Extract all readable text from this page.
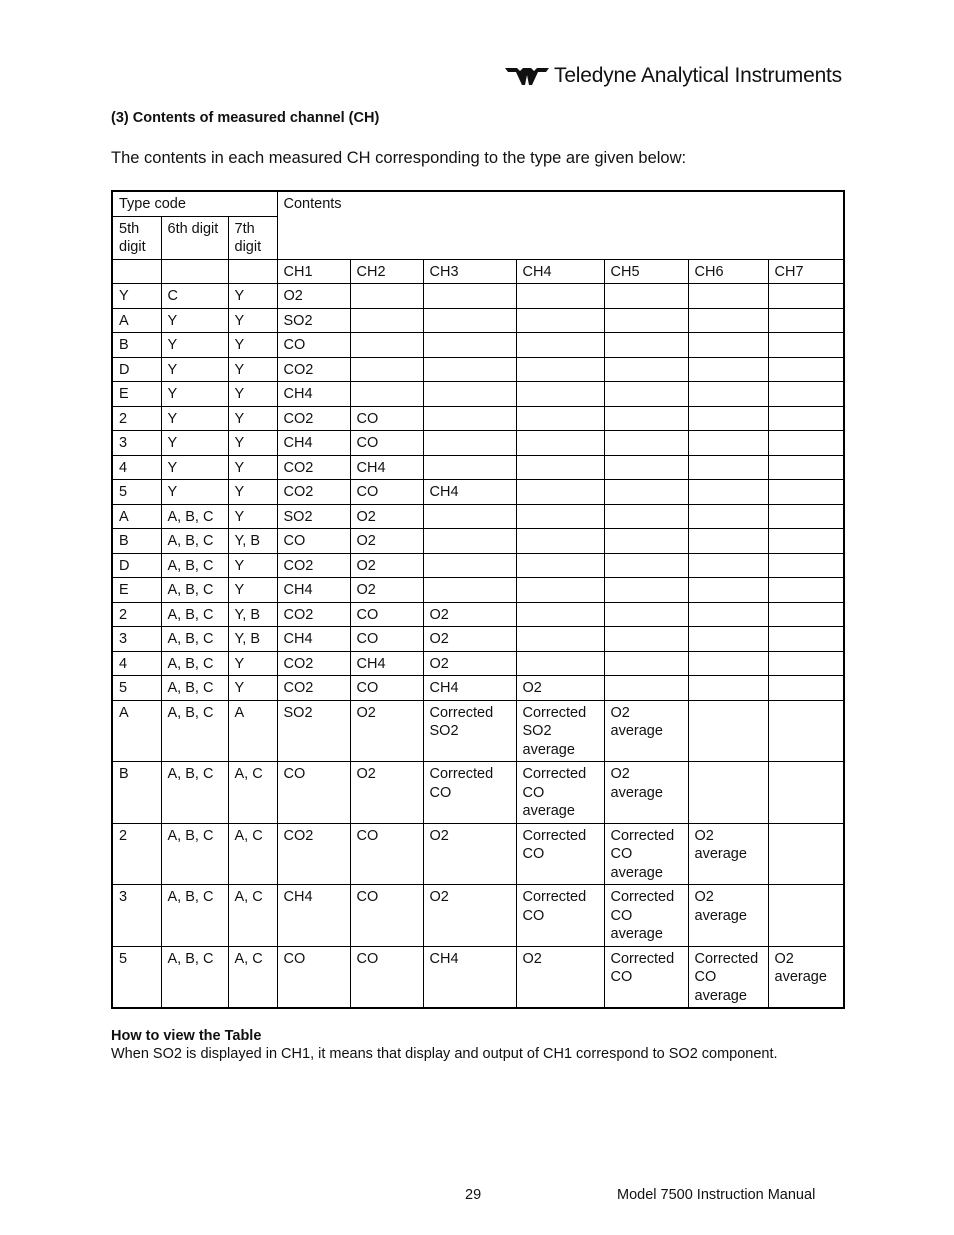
Teledyne Analytical Instruments
(3) Contents of measured channel (CH)
The contents in each measured CH corresponding to the type are given below:
Type code			Contents						
5th digit	6th digit	7th digit							
			CH1	CH2	CH3	CH4	CH5	CH6	CH7
Y	C	Y	O2						
A	Y	Y	SO2						
B	Y	Y	CO						
D	Y	Y	CO2						
E	Y	Y	CH4						
2	Y	Y	CO2	CO					
3	Y	Y	CH4	CO					
4	Y	Y	CO2	CH4					
5	Y	Y	CO2	CO	CH4				
A	A, B, C	Y	SO2	O2					
B	A, B, C	Y, B	CO	O2					
D	A, B, C	Y	CO2	O2					
E	A, B, C	Y	CH4	O2					
2	A, B, C	Y, B	CO2	CO	O2				
3	A, B, C	Y, B	CH4	CO	O2				
4	A, B, C	Y	CO2	CH4	O2				
5	A, B, C	Y	CO2	CO	CH4	O2			
A	A, B, C	A	SO2	O2	Corrected SO2	Corrected SO2 average	O2 average		
B	A, B, C	A, C	CO	O2	Corrected CO	Corrected CO average	O2 average		
2	A, B, C	A, C	CO2	CO	O2	Corrected CO	Corrected CO average	O2 average	
3	A, B, C	A, C	CH4	CO	O2	Corrected CO	Corrected CO average	O2 average	
5	A, B, C	A, C	CO	CO	CH4	O2	Corrected CO	Corrected CO average	O2 average
How to view the Table
When SO2 is displayed in CH1, it means that display and output of CH1 correspond to SO2 component.
29	Model 7500 Instruction Manual
